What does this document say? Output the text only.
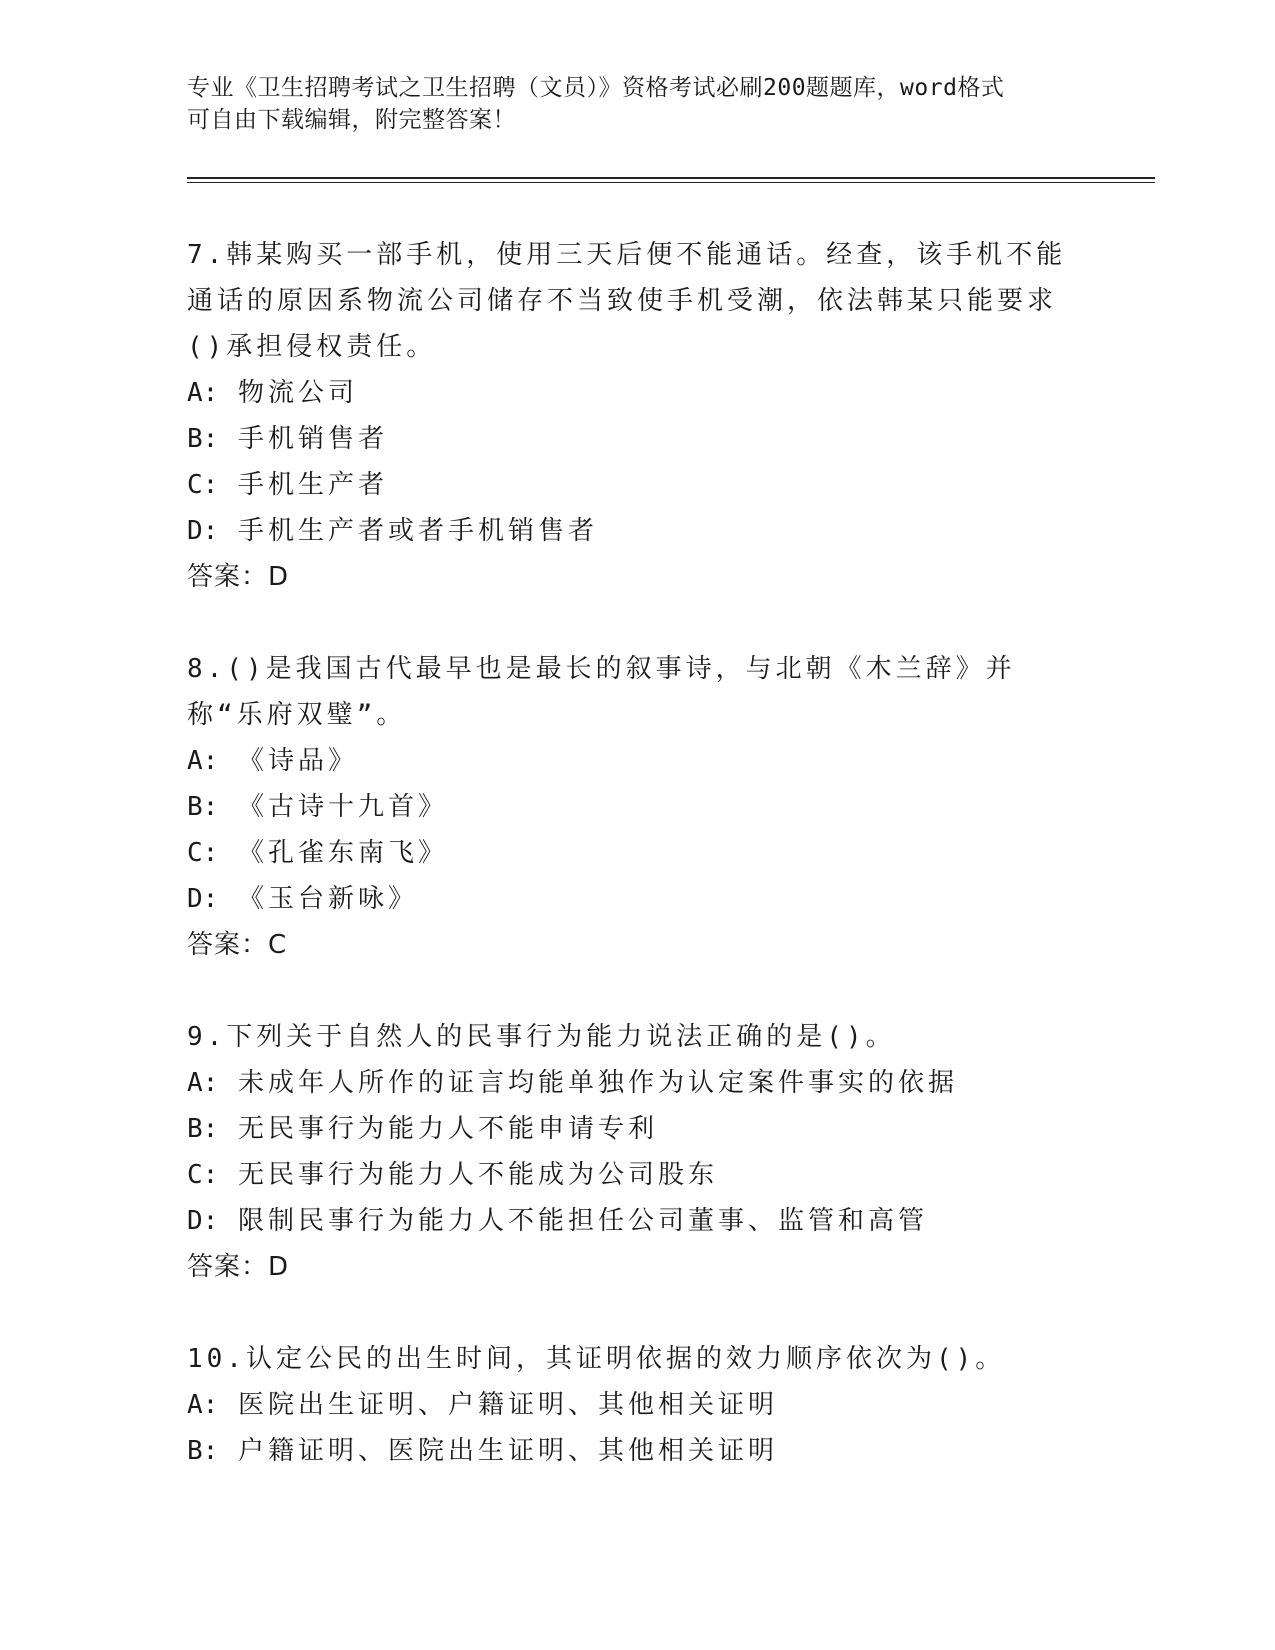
专业《卫生招聘考试之卫生招聘（文员）》资格考试必刷200题题库，word格式
可自由下载编辑，附完整答案！
7.韩某购买一部手机，使用三天后便不能通话。经查，该手机不能通话的原因系物流公司储存不当致使手机受潮，依法韩某只能要求()承担侵权责任。
A: 物流公司
B: 手机销售者
C: 手机生产者
D: 手机生产者或者手机销售者
答案：D
8.()是我国古代最早也是最长的叙事诗，与北朝《木兰辞》并称“乐府双璧”。
A: 《诗品》
B: 《古诗十九首》
C: 《孔雀东南飞》
D: 《玉台新咏》
答案：C
9.下列关于自然人的民事行为能力说法正确的是()。
A: 未成年人所作的证言均能单独作为认定案件事实的依据
B: 无民事行为能力人不能申请专利
C: 无民事行为能力人不能成为公司股东
D: 限制民事行为能力人不能担任公司董事、监管和高管
答案：D
10.认定公民的出生时间，其证明依据的效力顺序依次为()。
A: 医院出生证明、户籍证明、其他相关证明
B: 户籍证明、医院出生证明、其他相关证明
